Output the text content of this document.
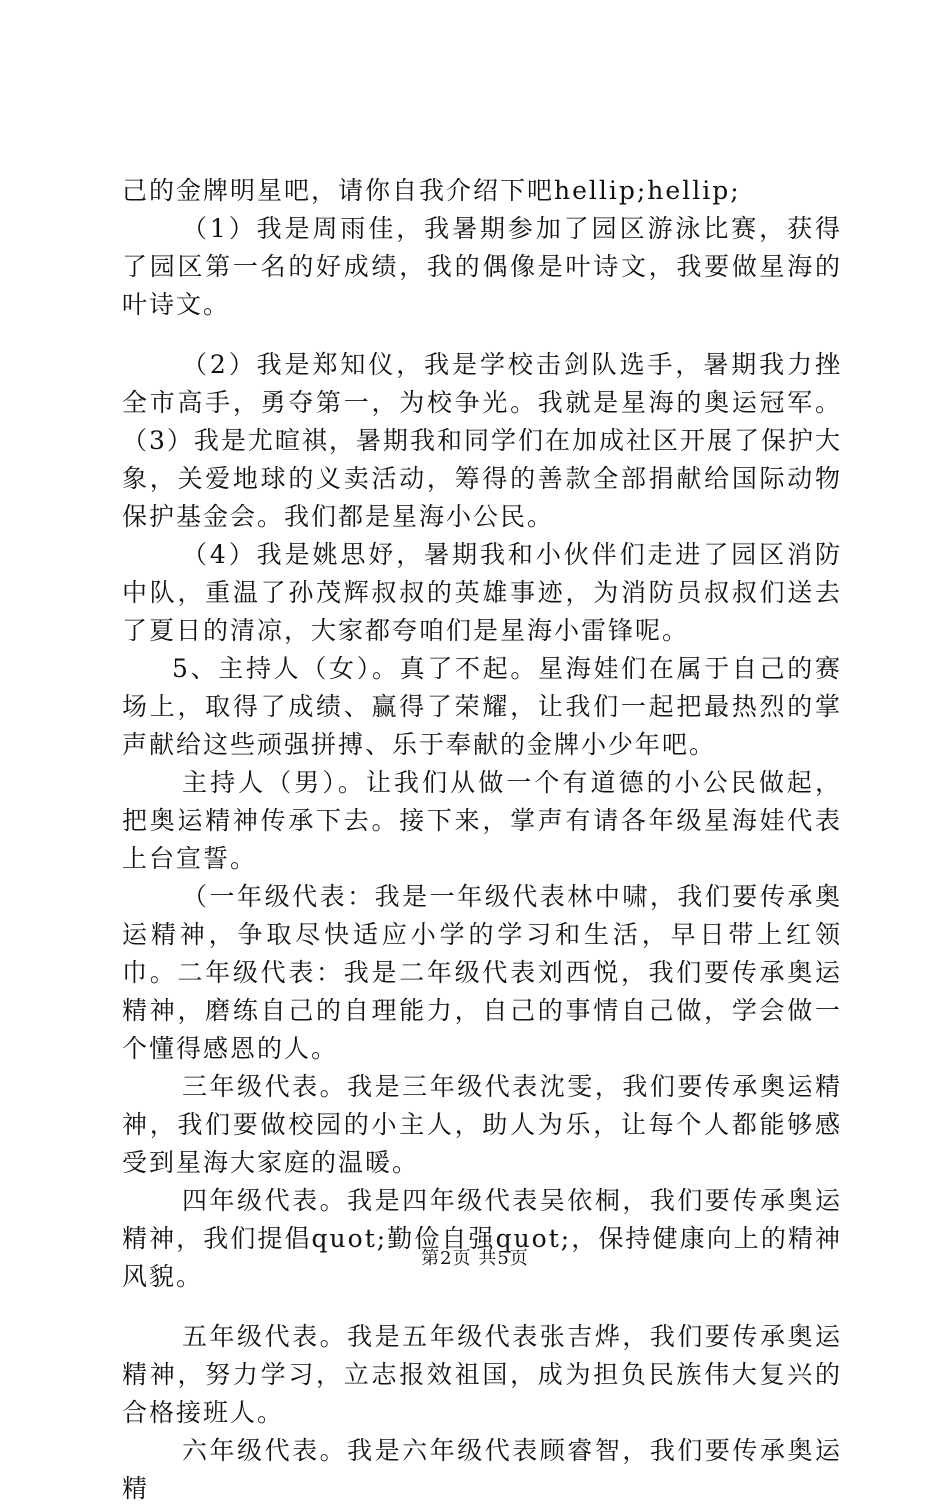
己的金牌明星吧，请你自我介绍下吧hellip;hellip;

（1）我是周雨佳，我暑期参加了园区游泳比赛，获得了园区第一名的好成绩，我的偶像是叶诗文，我要做星海的叶诗文。

（2）我是郑知仪，我是学校击剑队选手，暑期我力挫全市高手，勇夺第一，为校争光。我就是星海的奥运冠军。（3）我是尤暄祺，暑期我和同学们在加成社区开展了保护大象，关爱地球的义卖活动，筹得的善款全部捐献给国际动物保护基金会。我们都是星海小公民。

（4）我是姚思妤，暑期我和小伙伴们走进了园区消防中队，重温了孙茂辉叔叔的英雄事迹，为消防员叔叔们送去了夏日的清凉，大家都夸咱们是星海小雷锋呢。

5、主持人（女）。真了不起。星海娃们在属于自己的赛场上，取得了成绩、赢得了荣耀，让我们一起把最热烈的掌声献给这些顽强拼搏、乐于奉献的金牌小少年吧。

主持人（男）。让我们从做一个有道德的小公民做起，把奥运精神传承下去。接下来，掌声有请各年级星海娃代表上台宣誓。

（一年级代表：我是一年级代表林中啸，我们要传承奥运精神，争取尽快适应小学的学习和生活，早日带上红领巾。二年级代表：我是二年级代表刘西悦，我们要传承奥运精神，磨练自己的自理能力，自己的事情自己做，学会做一个懂得感恩的人。

三年级代表。我是三年级代表沈雯，我们要传承奥运精神，我们要做校园的小主人，助人为乐，让每个人都能够感受到星海大家庭的温暖。

四年级代表。我是四年级代表吴依桐，我们要传承奥运精神，我们提倡quot;勤俭自强quot;，保持健康向上的精神风貌。

五年级代表。我是五年级代表张吉烨，我们要传承奥运精神，努力学习，立志报效祖国，成为担负民族伟大复兴的合格接班人。

六年级代表。我是六年级代表顾睿智，我们要传承奥运精

第2页 共5页
